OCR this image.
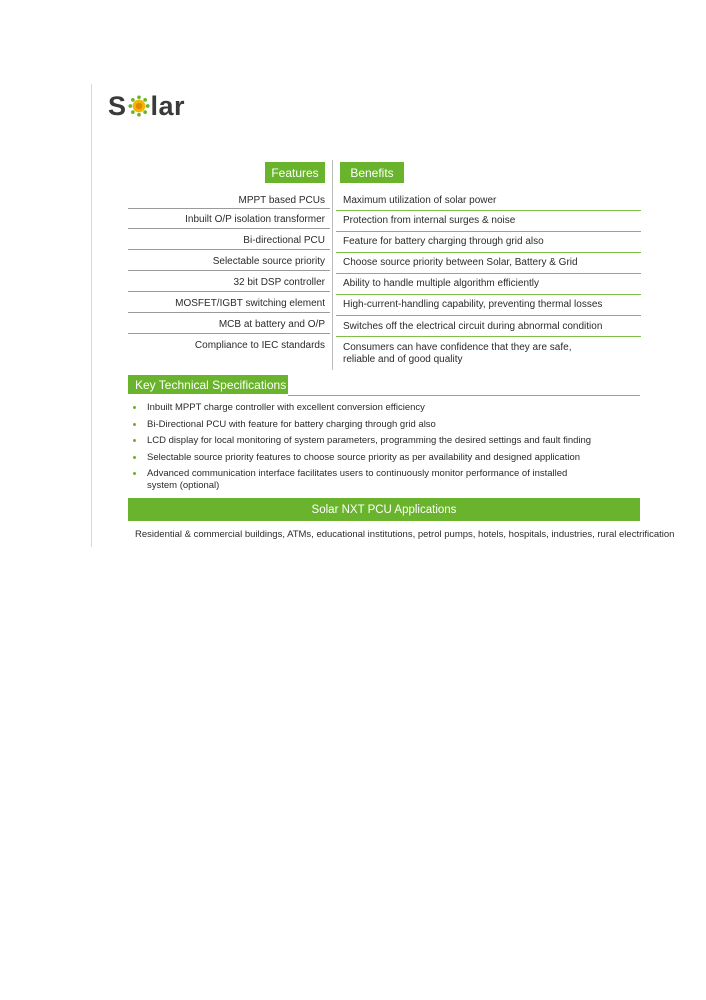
S lar
Features	Benefits
MPPT based PCUs Maximum utilization of solar power
Inbuilt O/P isolation transformer Protection from internal surges & noise
Bi-directional PCU Feature for battery charging through grid also
Selectable source priority Choose source priority between Solar, Battery & Grid
32 bit DSP controller Ability to handle multiple algorithm efficiently
MOSFET/IGBT switching element High-current-handling capability, preventing thermal losses
MCB at battery and O/P Switches off the electrical circuit during abnormal condition
Compliance to IEC standards Consumers can have confidence that they are safe,
reliable and of good quality
Key Technical Specifications
Inbuilt MPPT charge controller with excellent conversion efficiency
Bi-Directional PCU with feature for battery charging through grid also
LCD display for local monitoring of system parameters, programming the desired settings and fault finding
Selectable source priority features to choose source priority as per availability and designed application
Advanced communication interface facilitates users to continuously monitor performance of installed system (optional)
Solar NXT PCU Applications
Residential & commercial buildings, ATMs, educational institutions, petrol pumps, hotels, hospitals, industries, rural electrification
